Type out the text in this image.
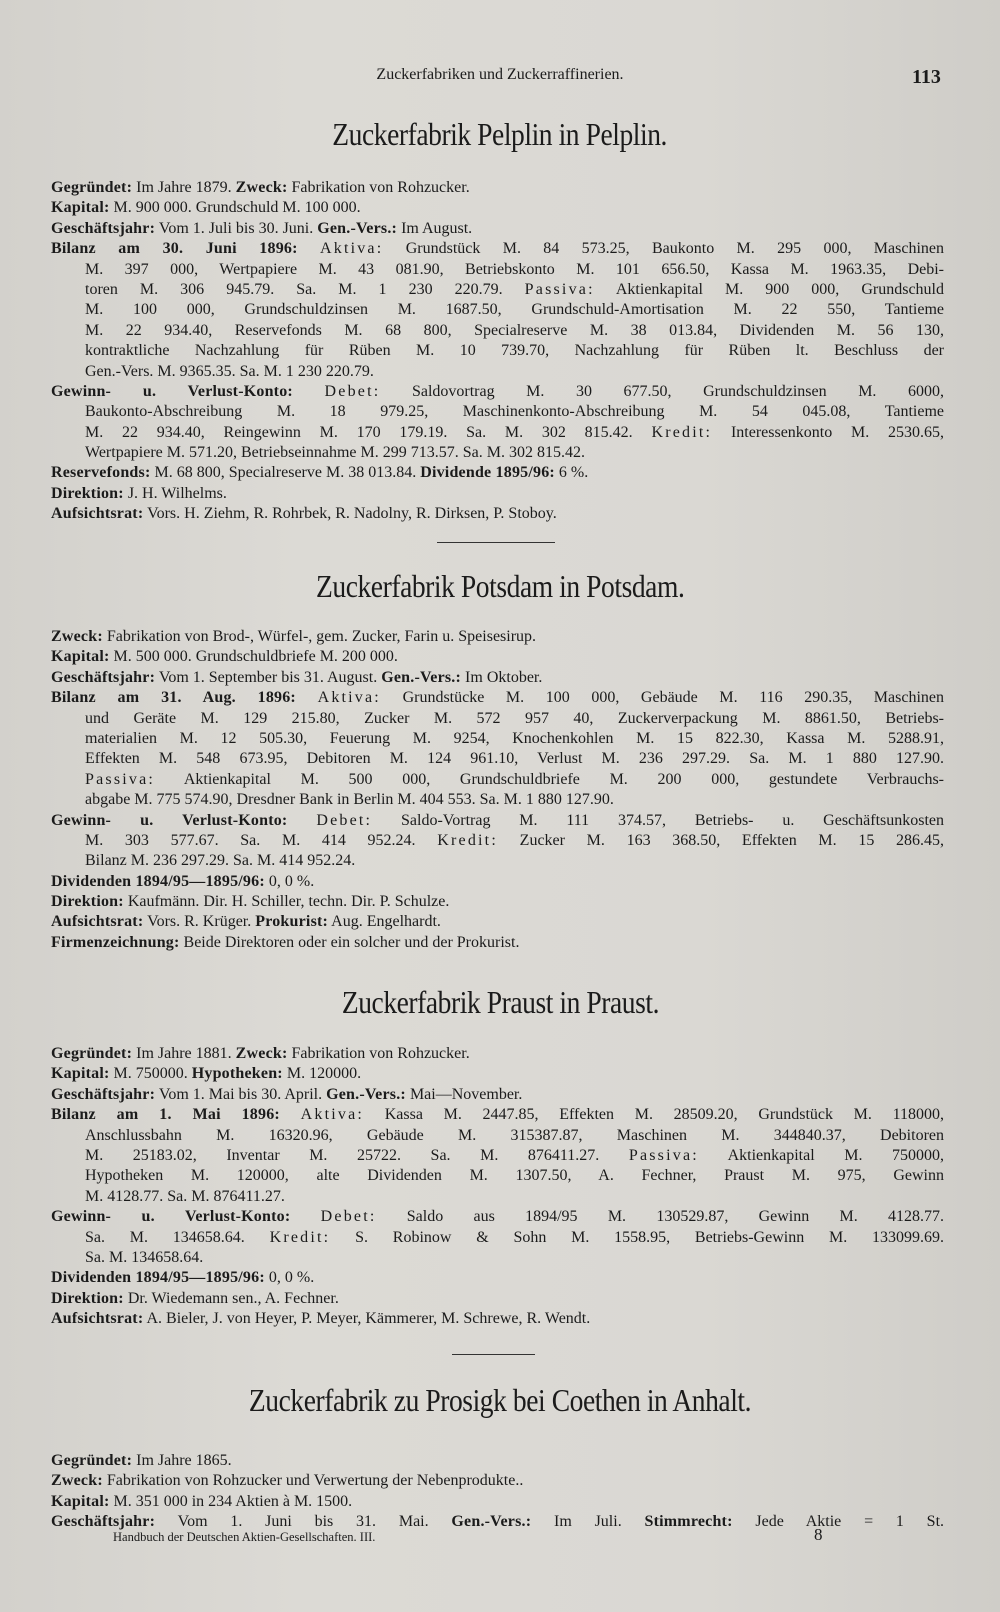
Zuckerfabriken und Zuckerraffinerien.	113
Zuckerfabrik Pelplin in Pelplin.
Gegründet: Im Jahre 1879. Zweck: Fabrikation von Rohzucker.
Kapital: M. 900 000. Grundschuld M. 100 000.
Geschäftsjahr: Vom 1. Juli bis 30. Juni. Gen.-Vers.: Im August.
Bilanz am 30. Juni 1896: Aktiva: Grundstück M. 84 573.25, Baukonto M. 295 000, Maschinen
M. 397 000, Wertpapiere M. 43 081.90, Betriebskonto M. 101 656.50, Kassa M. 1963.35, Debi-
toren M. 306 945.79. Sa. M. 1 230 220.79. Passiva: Aktienkapital M. 900 000, Grundschuld
M. 100 000, Grundschuldzinsen M. 1687.50, Grundschuld-Amortisation M. 22 550, Tantieme
M. 22 934.40, Reservefonds M. 68 800, Specialreserve M. 38 013.84, Dividenden M. 56 130,
kontraktliche Nachzahlung für Rüben M. 10 739.70, Nachzahlung für Rüben lt. Beschluss der
Gen.-Vers. M. 9365.35. Sa. M. 1 230 220.79.
Gewinn- u. Verlust-Konto: Debet: Saldovortrag M. 30 677.50, Grundschuldzinsen M. 6000,
Baukonto-Abschreibung M. 18 979.25, Maschinenkonto-Abschreibung M. 54 045.08, Tantieme
M. 22 934.40, Reingewinn M. 170 179.19. Sa. M. 302 815.42. Kredit: Interessenkonto M. 2530.65,
Wertpapiere M. 571.20, Betriebseinnahme M. 299 713.57. Sa. M. 302 815.42.
Reservefonds: M. 68 800, Specialreserve M. 38 013.84. Dividende 1895/96: 6 %.
Direktion: J. H. Wilhelms.
Aufsichtsrat: Vors. H. Ziehm, R. Rohrbek, R. Nadolny, R. Dirksen, P. Stoboy.
Zuckerfabrik Potsdam in Potsdam.
Zweck: Fabrikation von Brod-, Würfel-, gem. Zucker, Farin u. Speisesirup.
Kapital: M. 500 000. Grundschuldbriefe M. 200 000.
Geschäftsjahr: Vom 1. September bis 31. August. Gen.-Vers.: Im Oktober.
Bilanz am 31. Aug. 1896: Aktiva: Grundstücke M. 100 000, Gebäude M. 116 290.35, Maschinen
und Geräte M. 129 215.80, Zucker M. 572 957 40, Zuckerverpackung M. 8861.50, Betriebs-
materialien M. 12 505.30, Feuerung M. 9254, Knochenkohlen M. 15 822.30, Kassa M. 5288.91,
Effekten M. 548 673.95, Debitoren M. 124 961.10, Verlust M. 236 297.29. Sa. M. 1 880 127.90.
Passiva: Aktienkapital M. 500 000, Grundschuldbriefe M. 200 000, gestundete Verbrauchs-
abgabe M. 775 574.90, Dresdner Bank in Berlin M. 404 553. Sa. M. 1 880 127.90.
Gewinn- u. Verlust-Konto: Debet: Saldo-Vortrag M. 111 374.57, Betriebs- u. Geschäftsunkosten
M. 303 577.67. Sa. M. 414 952.24. Kredit: Zucker M. 163 368.50, Effekten M. 15 286.45,
Bilanz M. 236 297.29. Sa. M. 414 952.24.
Dividenden 1894/95—1895/96: 0, 0 %.
Direktion: Kaufmänn. Dir. H. Schiller, techn. Dir. P. Schulze.
Aufsichtsrat: Vors. R. Krüger. Prokurist: Aug. Engelhardt.
Firmenzeichnung: Beide Direktoren oder ein solcher und der Prokurist.
Zuckerfabrik Praust in Praust.
Gegründet: Im Jahre 1881. Zweck: Fabrikation von Rohzucker.
Kapital: M. 750000. Hypotheken: M. 120000.
Geschäftsjahr: Vom 1. Mai bis 30. April. Gen.-Vers.: Mai—November.
Bilanz am 1. Mai 1896: Aktiva: Kassa M. 2447.85, Effekten M. 28509.20, Grundstück M. 118000,
Anschlussbahn M. 16320.96, Gebäude M. 315387.87, Maschinen M. 344840.37, Debitoren
M. 25183.02, Inventar M. 25722. Sa. M. 876411.27. Passiva: Aktienkapital M. 750000,
Hypotheken M. 120000, alte Dividenden M. 1307.50, A. Fechner, Praust M. 975, Gewinn
M. 4128.77. Sa. M. 876411.27.
Gewinn- u. Verlust-Konto: Debet: Saldo aus 1894/95 M. 130529.87, Gewinn M. 4128.77.
Sa. M. 134658.64. Kredit: S. Robinow & Sohn M. 1558.95, Betriebs-Gewinn M. 133099.69.
Sa. M. 134658.64.
Dividenden 1894/95—1895/96: 0, 0 %.
Direktion: Dr. Wiedemann sen., A. Fechner.
Aufsichtsrat: A. Bieler, J. von Heyer, P. Meyer, Kämmerer, M. Schrewe, R. Wendt.
Zuckerfabrik zu Prosigk bei Coethen in Anhalt.
Gegründet: Im Jahre 1865.
Zweck: Fabrikation von Rohzucker und Verwertung der Nebenprodukte..
Kapital: M. 351 000 in 234 Aktien à M. 1500.
Geschäftsjahr: Vom 1. Juni bis 31. Mai. Gen.-Vers.: Im Juli. Stimmrecht: Jede Aktie = 1 St.
Handbuch der Deutschen Aktien-Gesellschaften. III.	8
